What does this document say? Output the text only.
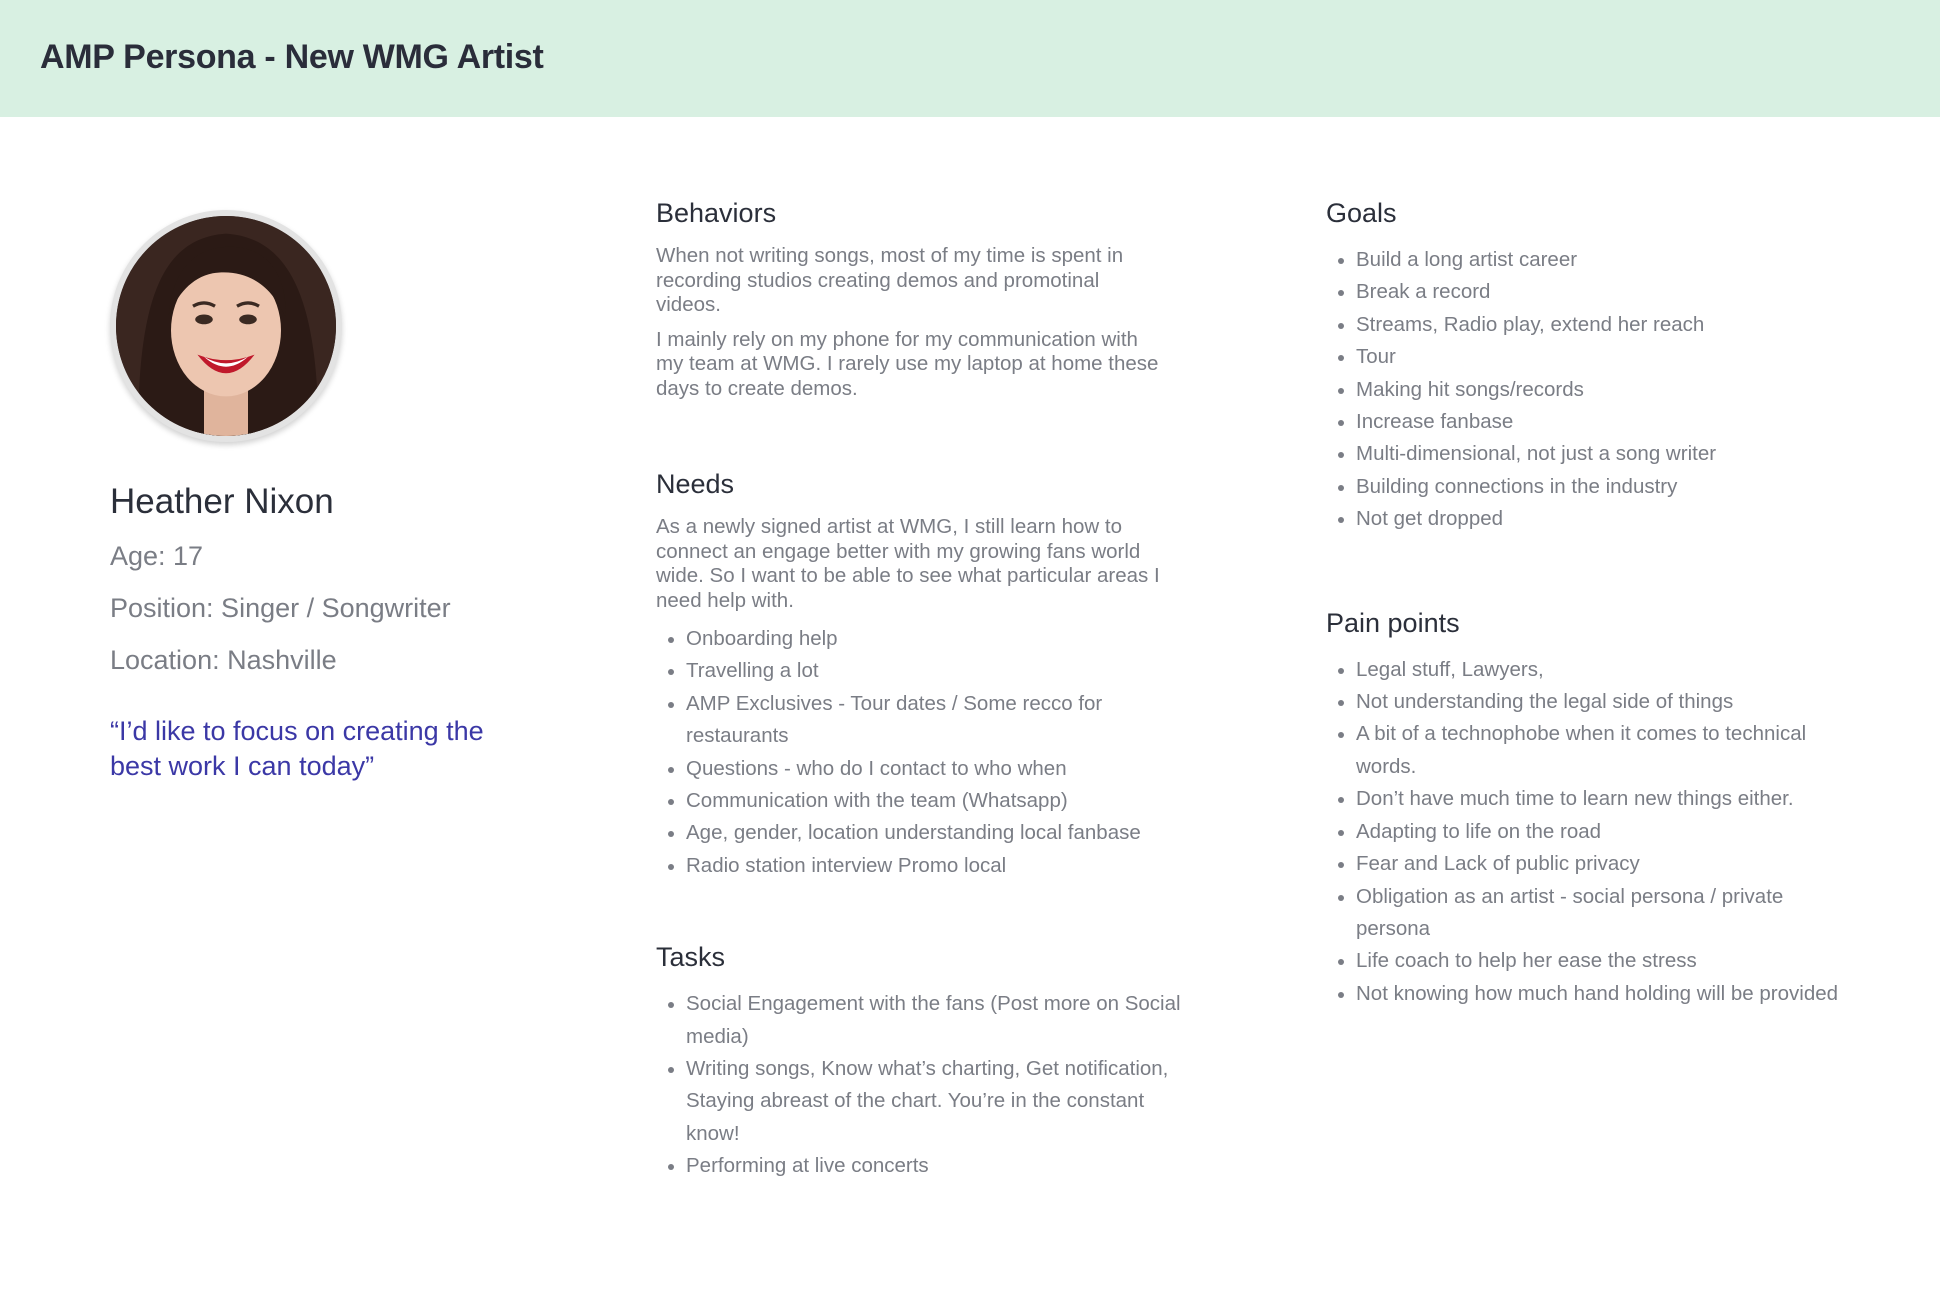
AMP Persona - New WMG Artist
Heather Nixon
Age: 17
Position: Singer / Songwriter
Location: Nashville
“I’d like to focus on creating the best work I can today”
Behaviors

When not writing songs, most of my time is spent in recording studios creating demos and promotinal videos.

I mainly rely on my phone for my communication with my team at WMG. I rarely use my laptop at home these days to create demos.

Needs

As a newly signed artist at WMG, I still learn how to connect an engage better with my growing fans world wide. So I want to be able to see what particular areas I need help with.

Onboarding help
Travelling a lot
AMP Exclusives - Tour dates / Some recco for restaurants
Questions - who do I contact to who when
Communication with the team (Whatsapp)
Age, gender, location understanding local fanbase
Radio station interview Promo local
Tasks
Social Engagement with the fans (Post more on Social media)
Writing songs, Know what’s charting, Get notification, Staying abreast of the chart. You’re in the constant know!
Performing at live concerts
Goals
Build a long artist career
Break a record
Streams, Radio play, extend her reach
Tour
Making hit songs/records
Increase fanbase
Multi-dimensional, not just a song writer
Building connections in the industry
Not get dropped
Pain points
Legal stuff, Lawyers,
Not understanding the legal side of things
A bit of a technophobe when it comes to technical words.
Don’t have much time to learn new things either.
Adapting to life on the road
Fear and Lack of public privacy
Obligation as an artist - social persona / private persona
Life coach to help her ease the stress
Not knowing how much hand holding will be provided
